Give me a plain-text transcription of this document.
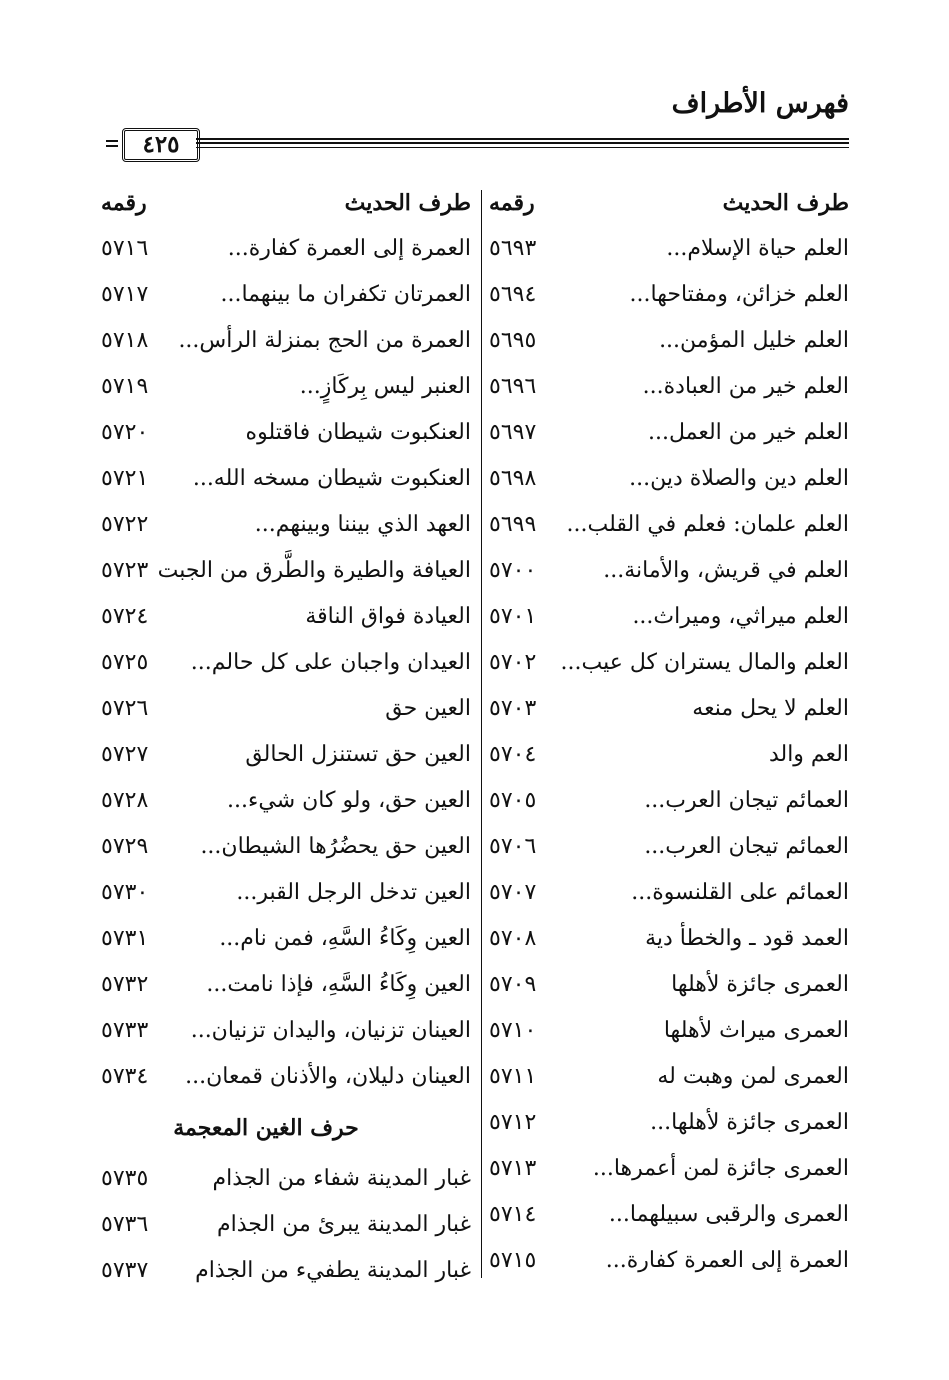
فهرس الأطراف
٤٢٥
طرف الحديث
رقمه
العلم حياة الإسلام...
٥٦٩٣
العلم خزائن، ومفتاحها...
٥٦٩٤
العلم خليل المؤمن...
٥٦٩٥
العلم خير من العبادة...
٥٦٩٦
العلم خير من العمل...
٥٦٩٧
العلم دين والصلاة دين...
٥٦٩٨
العلم علمان: فعلم في القلب...
٥٦٩٩
العلم في قريش، والأمانة...
٥٧٠٠
العلم ميراثي، وميراث...
٥٧٠١
العلم والمال يستران كل عيب...
٥٧٠٢
العلم لا يحل منعه
٥٧٠٣
العم والد
٥٧٠٤
العمائم تيجان العرب...
٥٧٠٥
العمائم تيجان العرب...
٥٧٠٦
العمائم على القلنسوة...
٥٧٠٧
العمد قود ـ والخطأ دية
٥٧٠٨
العمرى جائزة لأهلها
٥٧٠٩
العمرى ميراث لأهلها
٥٧١٠
العمرى لمن وهبت له
٥٧١١
العمرى جائزة لأهلها...
٥٧١٢
العمرى جائزة لمن أعمرها...
٥٧١٣
العمرى والرقبى سبيلهما...
٥٧١٤
العمرة إلى العمرة كفارة...
٥٧١٥
طرف الحديث
رقمه
العمرة إلى العمرة كفارة...
٥٧١٦
العمرتان تكفران ما بينهما...
٥٧١٧
العمرة من الحج بمنزلة الرأس...
٥٧١٨
العنبر ليس بِركَازٍ...
٥٧١٩
العنكبوت شيطان فاقتلوه
٥٧٢٠
العنكبوت شيطان مسخه الله...
٥٧٢١
العهد الذي بيننا وبينهم...
٥٧٢٢
العيافة والطيرة والطَّرق من الجبت
٥٧٢٣
العيادة فواق الناقة
٥٧٢٤
العيدان واجبان على كل حالم...
٥٧٢٥
العين حق
٥٧٢٦
العين حق تستنزل الحالق
٥٧٢٧
العين حق، ولو كان شيء...
٥٧٢٨
العين حق يحضُرُها الشيطان...
٥٧٢٩
العين تدخل الرجل القبر...
٥٧٣٠
العين وِكَاءُ السَّهِ، فمن نام...
٥٧٣١
العين وِكَاءُ السَّهِ، فإذا نامت...
٥٧٣٢
العينان تزنيان، واليدان تزنيان...
٥٧٣٣
العينان دليلان، والأذنان قمعان...
٥٧٣٤
حرف الغين المعجمة
غبار المدينة شفاء من الجذام
٥٧٣٥
غبار المدينة يبرئ من الجذام
٥٧٣٦
غبار المدينة يطفيء من الجذام
٥٧٣٧
